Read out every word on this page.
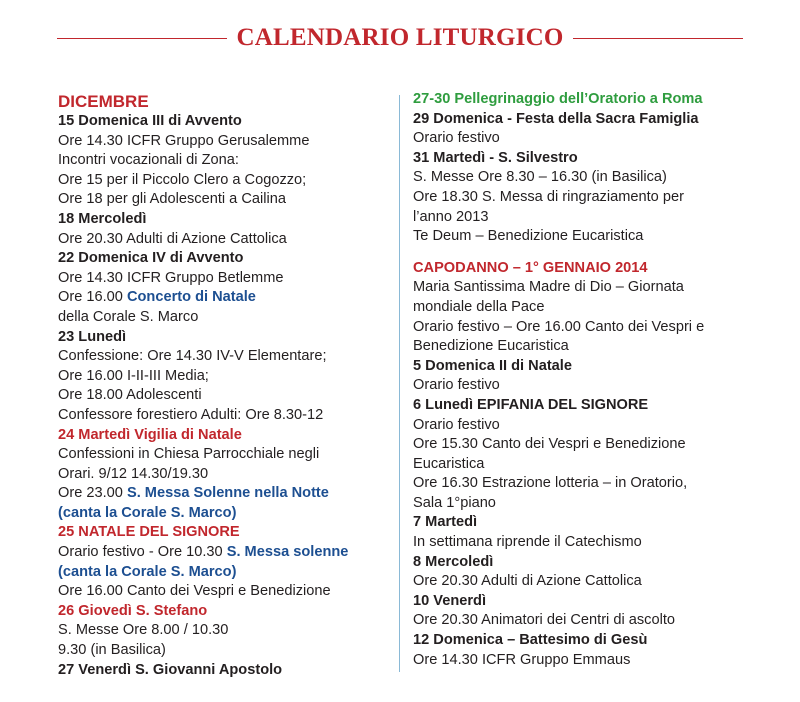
CALENDARIO LITURGICO
DICEMBRE
15 Domenica III di Avvento
Ore 14.30 ICFR Gruppo Gerusalemme
Incontri vocazionali di Zona:
Ore 15 per il Piccolo Clero a Cogozzo;
Ore 18 per gli Adolescenti a Cailina
18 Mercoledì
Ore 20.30 Adulti di Azione Cattolica
22 Domenica IV di Avvento
Ore 14.30 ICFR Gruppo Betlemme
Ore 16.00 Concerto di Natale
della Corale S. Marco
23 Lunedì
Confessione: Ore 14.30 IV-V Elementare;
Ore 16.00 I-II-III Media;
Ore 18.00 Adolescenti
Confessore forestiero Adulti: Ore 8.30-12
24 Martedì Vigilia di Natale
Confessioni in Chiesa Parrocchiale negli
Orari. 9/12 14.30/19.30
Ore 23.00 S. Messa Solenne nella Notte
(canta la Corale S. Marco)
25 NATALE DEL SIGNORE
Orario festivo - Ore 10.30 S. Messa solenne
(canta la Corale S. Marco)
Ore 16.00 Canto dei Vespri e Benedizione
26 Giovedì S. Stefano
S. Messe Ore 8.00 / 10.30
9.30 (in Basilica)
27 Venerdì S. Giovanni Apostolo
27-30 Pellegrinaggio dell’Oratorio a Roma
29 Domenica - Festa della Sacra Famiglia
Orario festivo
31 Martedì - S. Silvestro
S. Messe Ore 8.30 – 16.30 (in Basilica)
Ore 18.30 S. Messa di ringraziamento per
l’anno 2013
Te Deum – Benedizione Eucaristica
CAPODANNO – 1° GENNAIO 2014
Maria Santissima Madre di Dio – Giornata
mondiale della Pace
Orario festivo – Ore 16.00 Canto dei Vespri e
Benedizione Eucaristica
5 Domenica II di Natale
Orario festivo
6 Lunedì EPIFANIA DEL SIGNORE
Orario festivo
Ore 15.30 Canto dei Vespri e Benedizione
Eucaristica
Ore 16.30 Estrazione lotteria – in Oratorio,
Sala 1°piano
7 Martedì
In settimana riprende il Catechismo
8 Mercoledì
Ore 20.30 Adulti di Azione Cattolica
10 Venerdì
Ore 20.30 Animatori dei Centri di ascolto
12 Domenica – Battesimo di Gesù
Ore 14.30 ICFR Gruppo Emmaus
